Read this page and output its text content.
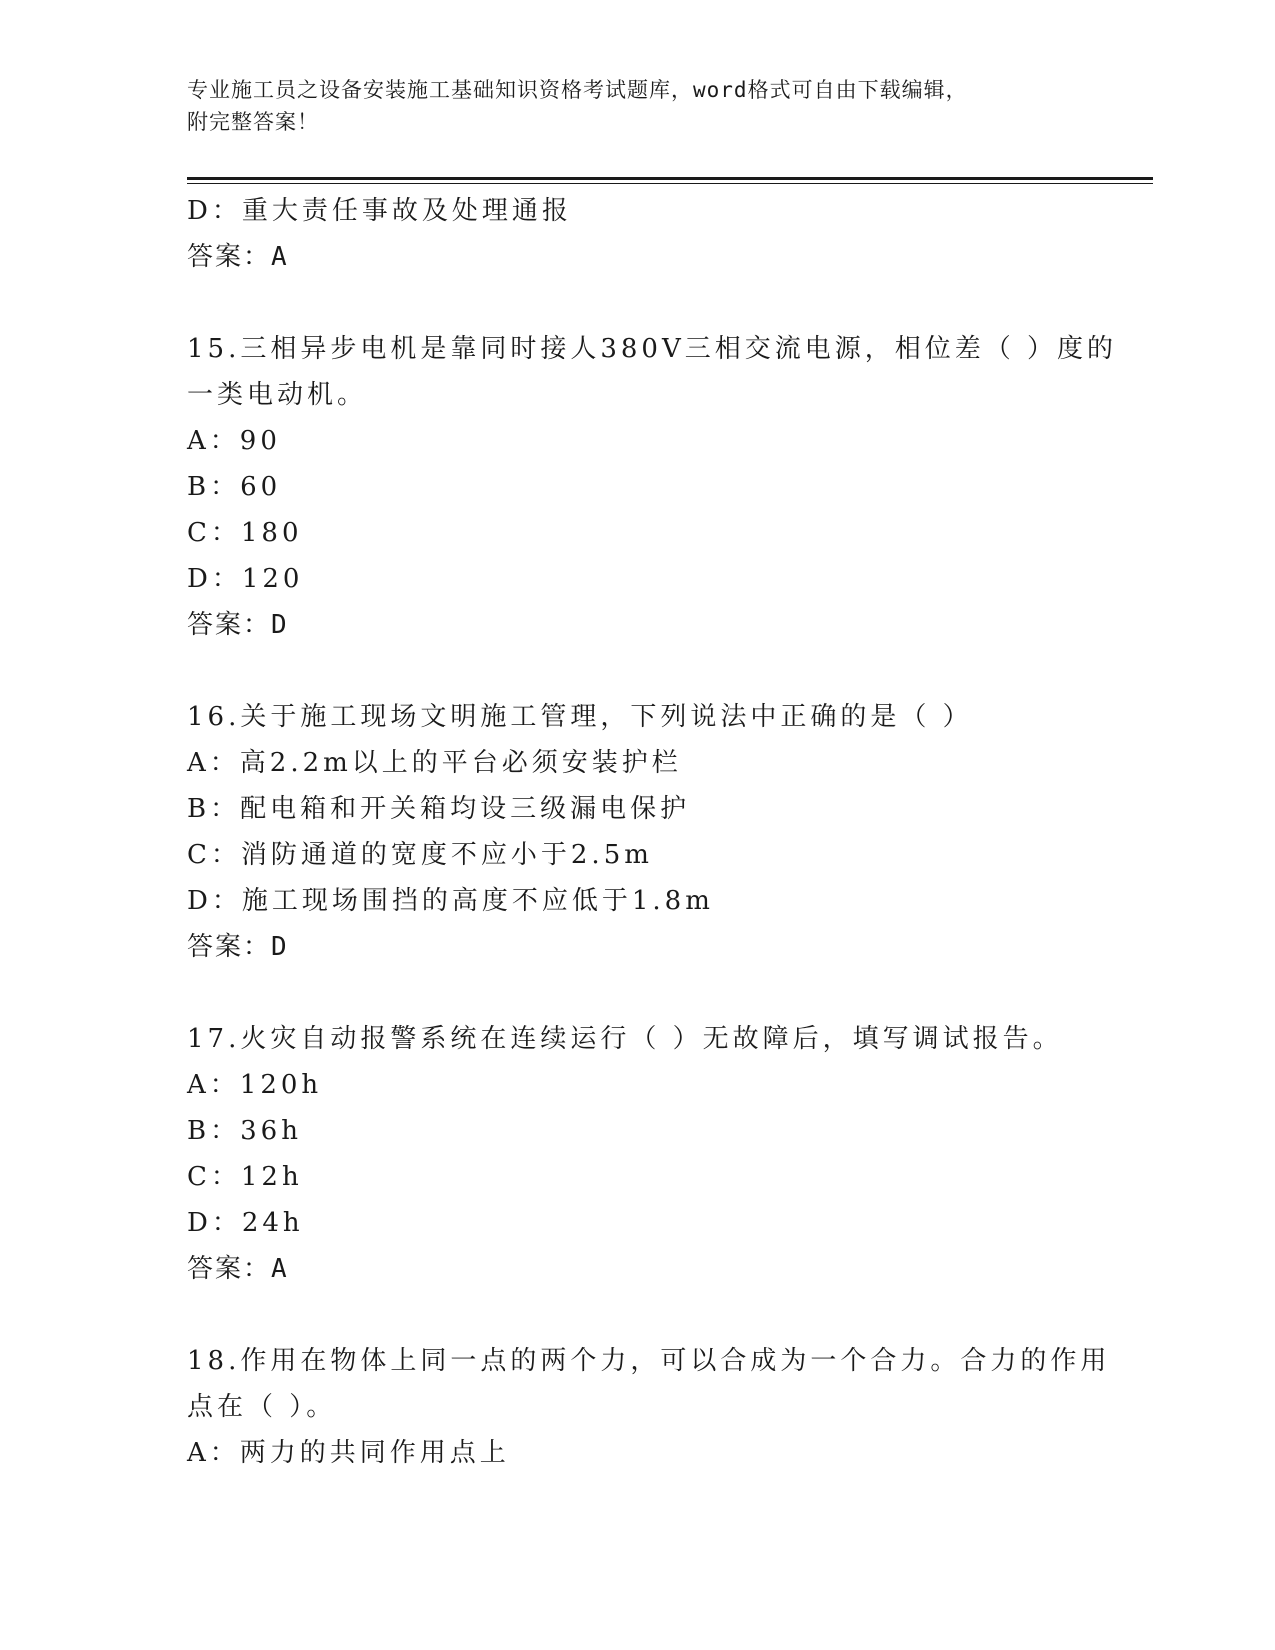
专业施工员之设备安装施工基础知识资格考试题库，word格式可自由下载编辑，
附完整答案！
D：重大责任事故及处理通报
答案：A
15.三相异步电机是靠同时接人380V三相交流电源，相位差（ ）度的
一类电动机。
A：90
B：60
C：180
D：120
答案：D
16.关于施工现场文明施工管理，下列说法中正确的是（ ）
A：高2.2m以上的平台必须安装护栏
B：配电箱和开关箱均设三级漏电保护
C：消防通道的宽度不应小于2.5m
D：施工现场围挡的高度不应低于1.8m
答案：D
17.火灾自动报警系统在连续运行（ ）无故障后，填写调试报告。
A：120h
B：36h
C：12h
D：24h
答案：A
18.作用在物体上同一点的两个力，可以合成为一个合力。合力的作用
点在（ ）。
A：两力的共同作用点上
